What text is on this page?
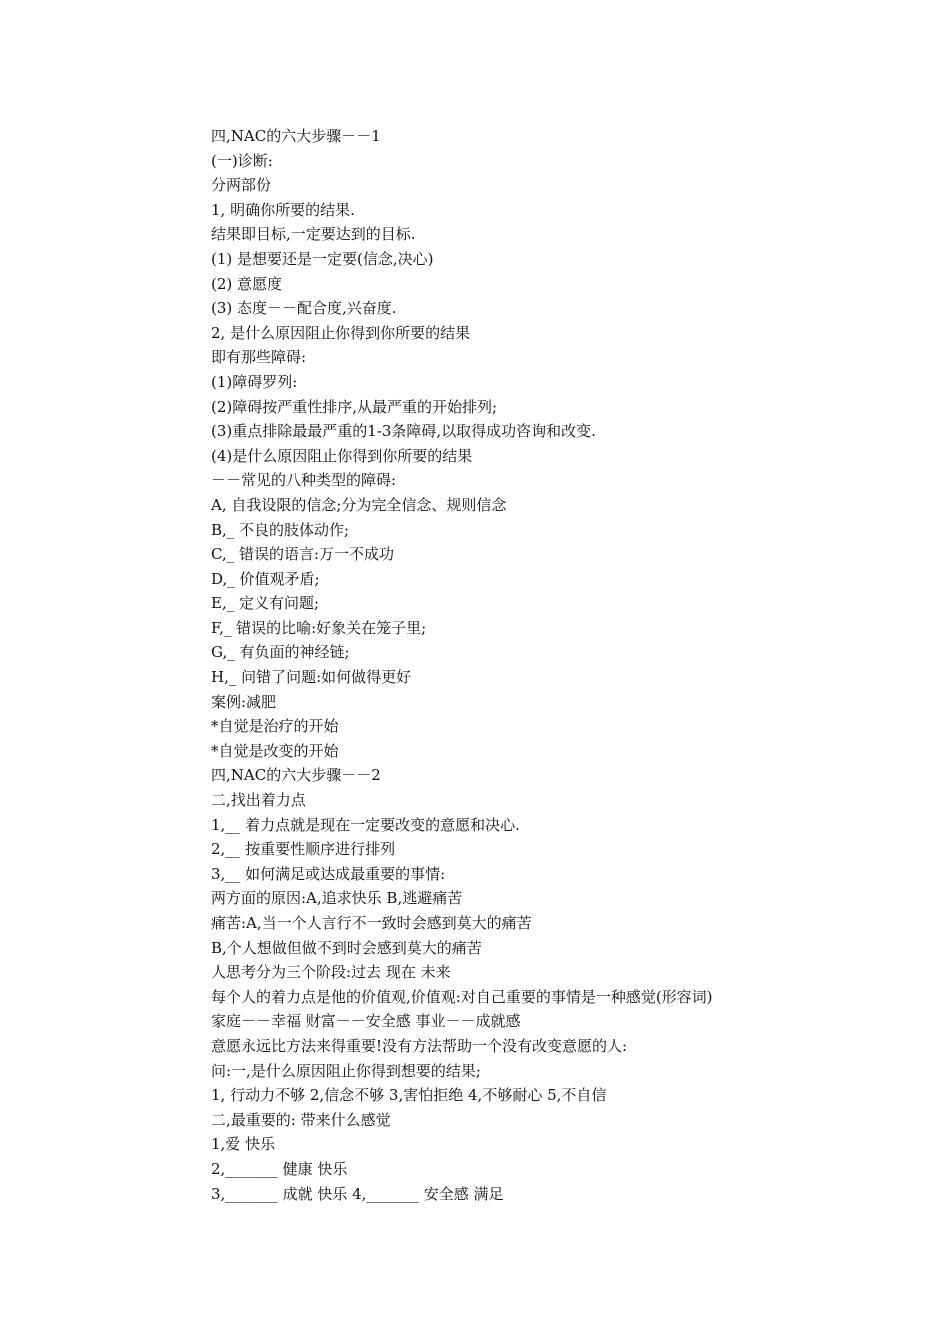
四,NAC的六大步骤－－1
(一)诊断:
分两部份
1, 明确你所要的结果.
结果即目标,一定要达到的目标.
(1) 是想要还是一定要(信念,决心)
(2) 意愿度
(3) 态度－－配合度,兴奋度.
2, 是什么原因阻止你得到你所要的结果
即有那些障碍:
(1)障碍罗列:
(2)障碍按严重性排序,从最严重的开始排列;
(3)重点排除最最严重的1-3条障碍,以取得成功咨询和改变.
(4)是什么原因阻止你得到你所要的结果
－－常见的八种类型的障碍:
A, 自我设限的信念;分为完全信念、规则信念
B,_ 不良的肢体动作;
C,_ 错误的语言:万一不成功
D,_ 价值观矛盾;
E,_ 定义有问题;
F,_ 错误的比喻:好象关在笼子里;
G,_ 有负面的神经链;
H,_ 问错了问题:如何做得更好
案例:减肥
*自觉是治疗的开始
*自觉是改变的开始
四,NAC的六大步骤－－2
二,找出着力点
1,__ 着力点就是现在一定要改变的意愿和决心.
2,__ 按重要性顺序进行排列
3,__ 如何满足或达成最重要的事情:
两方面的原因:A,追求快乐 B,逃避痛苦
痛苦:A,当一个人言行不一致时会感到莫大的痛苦
B,个人想做但做不到时会感到莫大的痛苦
人思考分为三个阶段:过去 现在 未来
每个人的着力点是他的价值观,价值观:对自己重要的事情是一种感觉(形容词)
家庭－－幸福 财富－－安全感 事业－－成就感
意愿永远比方法来得重要!没有方法帮助一个没有改变意愿的人:
问:一,是什么原因阻止你得到想要的结果;
1, 行动力不够 2,信念不够 3,害怕拒绝 4,不够耐心 5,不自信
二,最重要的: 带来什么感觉
1,爱 快乐
2,_______ 健康 快乐
3,_______ 成就 快乐 4,_______ 安全感 满足
